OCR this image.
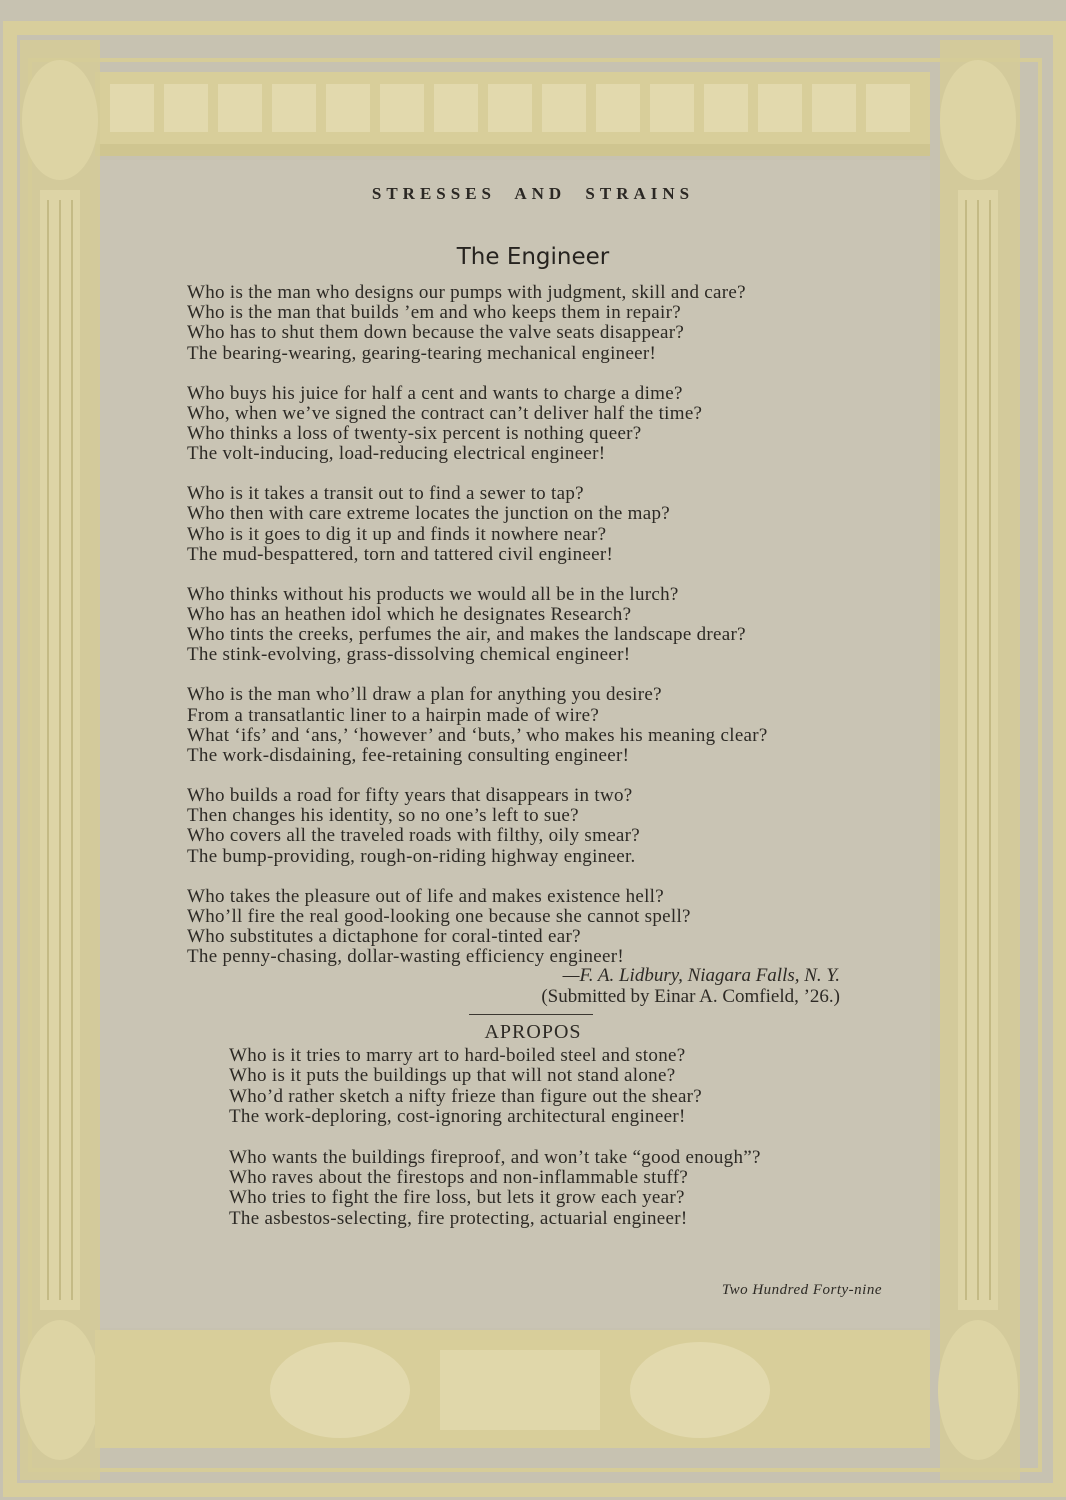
STRESSES AND STRAINS
The Engineer
Who is the man who designs our pumps with judgment, skill and care?
Who is the man that builds ’em and who keeps them in repair?
Who has to shut them down because the valve seats disappear?
The bearing-wearing, gearing-tearing mechanical engineer!
Who buys his juice for half a cent and wants to charge a dime?
Who, when we’ve signed the contract can’t deliver half the time?
Who thinks a loss of twenty-six percent is nothing queer?
The volt-inducing, load-reducing electrical engineer!
Who is it takes a transit out to find a sewer to tap?
Who then with care extreme locates the junction on the map?
Who is it goes to dig it up and finds it nowhere near?
The mud-bespattered, torn and tattered civil engineer!
Who thinks without his products we would all be in the lurch?
Who has an heathen idol which he designates Research?
Who tints the creeks, perfumes the air, and makes the landscape drear?
The stink-evolving, grass-dissolving chemical engineer!
Who is the man who’ll draw a plan for anything you desire?
From a transatlantic liner to a hairpin made of wire?
What ‘ifs’ and ‘ans,’ ‘however’ and ‘buts,’ who makes his meaning clear?
The work-disdaining, fee-retaining consulting engineer!
Who builds a road for fifty years that disappears in two?
Then changes his identity, so no one’s left to sue?
Who covers all the traveled roads with filthy, oily smear?
The bump-providing, rough-on-riding highway engineer.
Who takes the pleasure out of life and makes existence hell?
Who’ll fire the real good-looking one because she cannot spell?
Who substitutes a dictaphone for coral-tinted ear?
The penny-chasing, dollar-wasting efficiency engineer!
—F. A. Lidbury, Niagara Falls, N. Y.
(Submitted by Einar A. Comfield, ’26.)
APROPOS
Who is it tries to marry art to hard-boiled steel and stone?
Who is it puts the buildings up that will not stand alone?
Who’d rather sketch a nifty frieze than figure out the shear?
The work-deploring, cost-ignoring architectural engineer!
Who wants the buildings fireproof, and won’t take “good enough”?
Who raves about the firestops and non-inflammable stuff?
Who tries to fight the fire loss, but lets it grow each year?
The asbestos-selecting, fire protecting, actuarial engineer!
Two Hundred Forty-nine
